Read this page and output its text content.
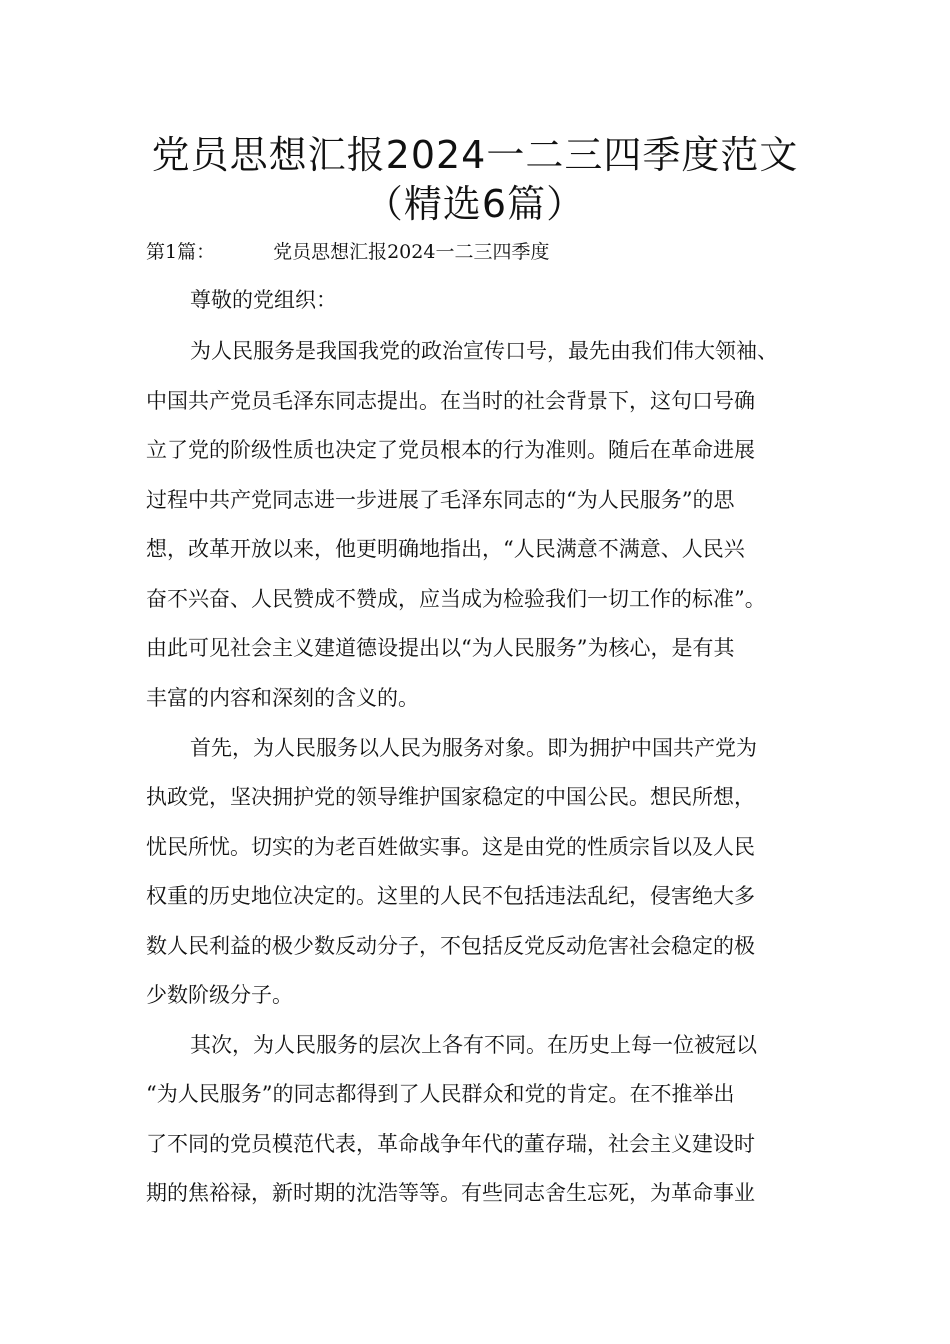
党员思想汇报2024一二三四季度范文
（精选6篇）
第1篇：	党员思想汇报2024一二三四季度
尊敬的党组织：
为人民服务是我国我党的政治宣传口号，最先由我们伟大领袖、
中国共产党员毛泽东同志提出。在当时的社会背景下，这句口号确
立了党的阶级性质也决定了党员根本的行为准则。随后在革命进展
过程中共产党同志进一步进展了毛泽东同志的“为人民服务”的思
想，改革开放以来，他更明确地指出，“人民满意不满意、人民兴
奋不兴奋、人民赞成不赞成，应当成为检验我们一切工作的标准”。
由此可见社会主义建道德设提出以“为人民服务”为核心，是有其
丰富的内容和深刻的含义的。
首先，为人民服务以人民为服务对象。即为拥护中国共产党为
执政党，坚决拥护党的领导维护国家稳定的中国公民。想民所想，
忧民所忧。切实的为老百姓做实事。这是由党的性质宗旨以及人民
权重的历史地位决定的。这里的人民不包括违法乱纪，侵害绝大多
数人民利益的极少数反动分子，不包括反党反动危害社会稳定的极
少数阶级分子。
其次，为人民服务的层次上各有不同。在历史上每一位被冠以
“为人民服务”的同志都得到了人民群众和党的肯定。在不推举出
了不同的党员模范代表，革命战争年代的董存瑞，社会主义建设时
期的焦裕禄，新时期的沈浩等等。有些同志舍生忘死，为革命事业
